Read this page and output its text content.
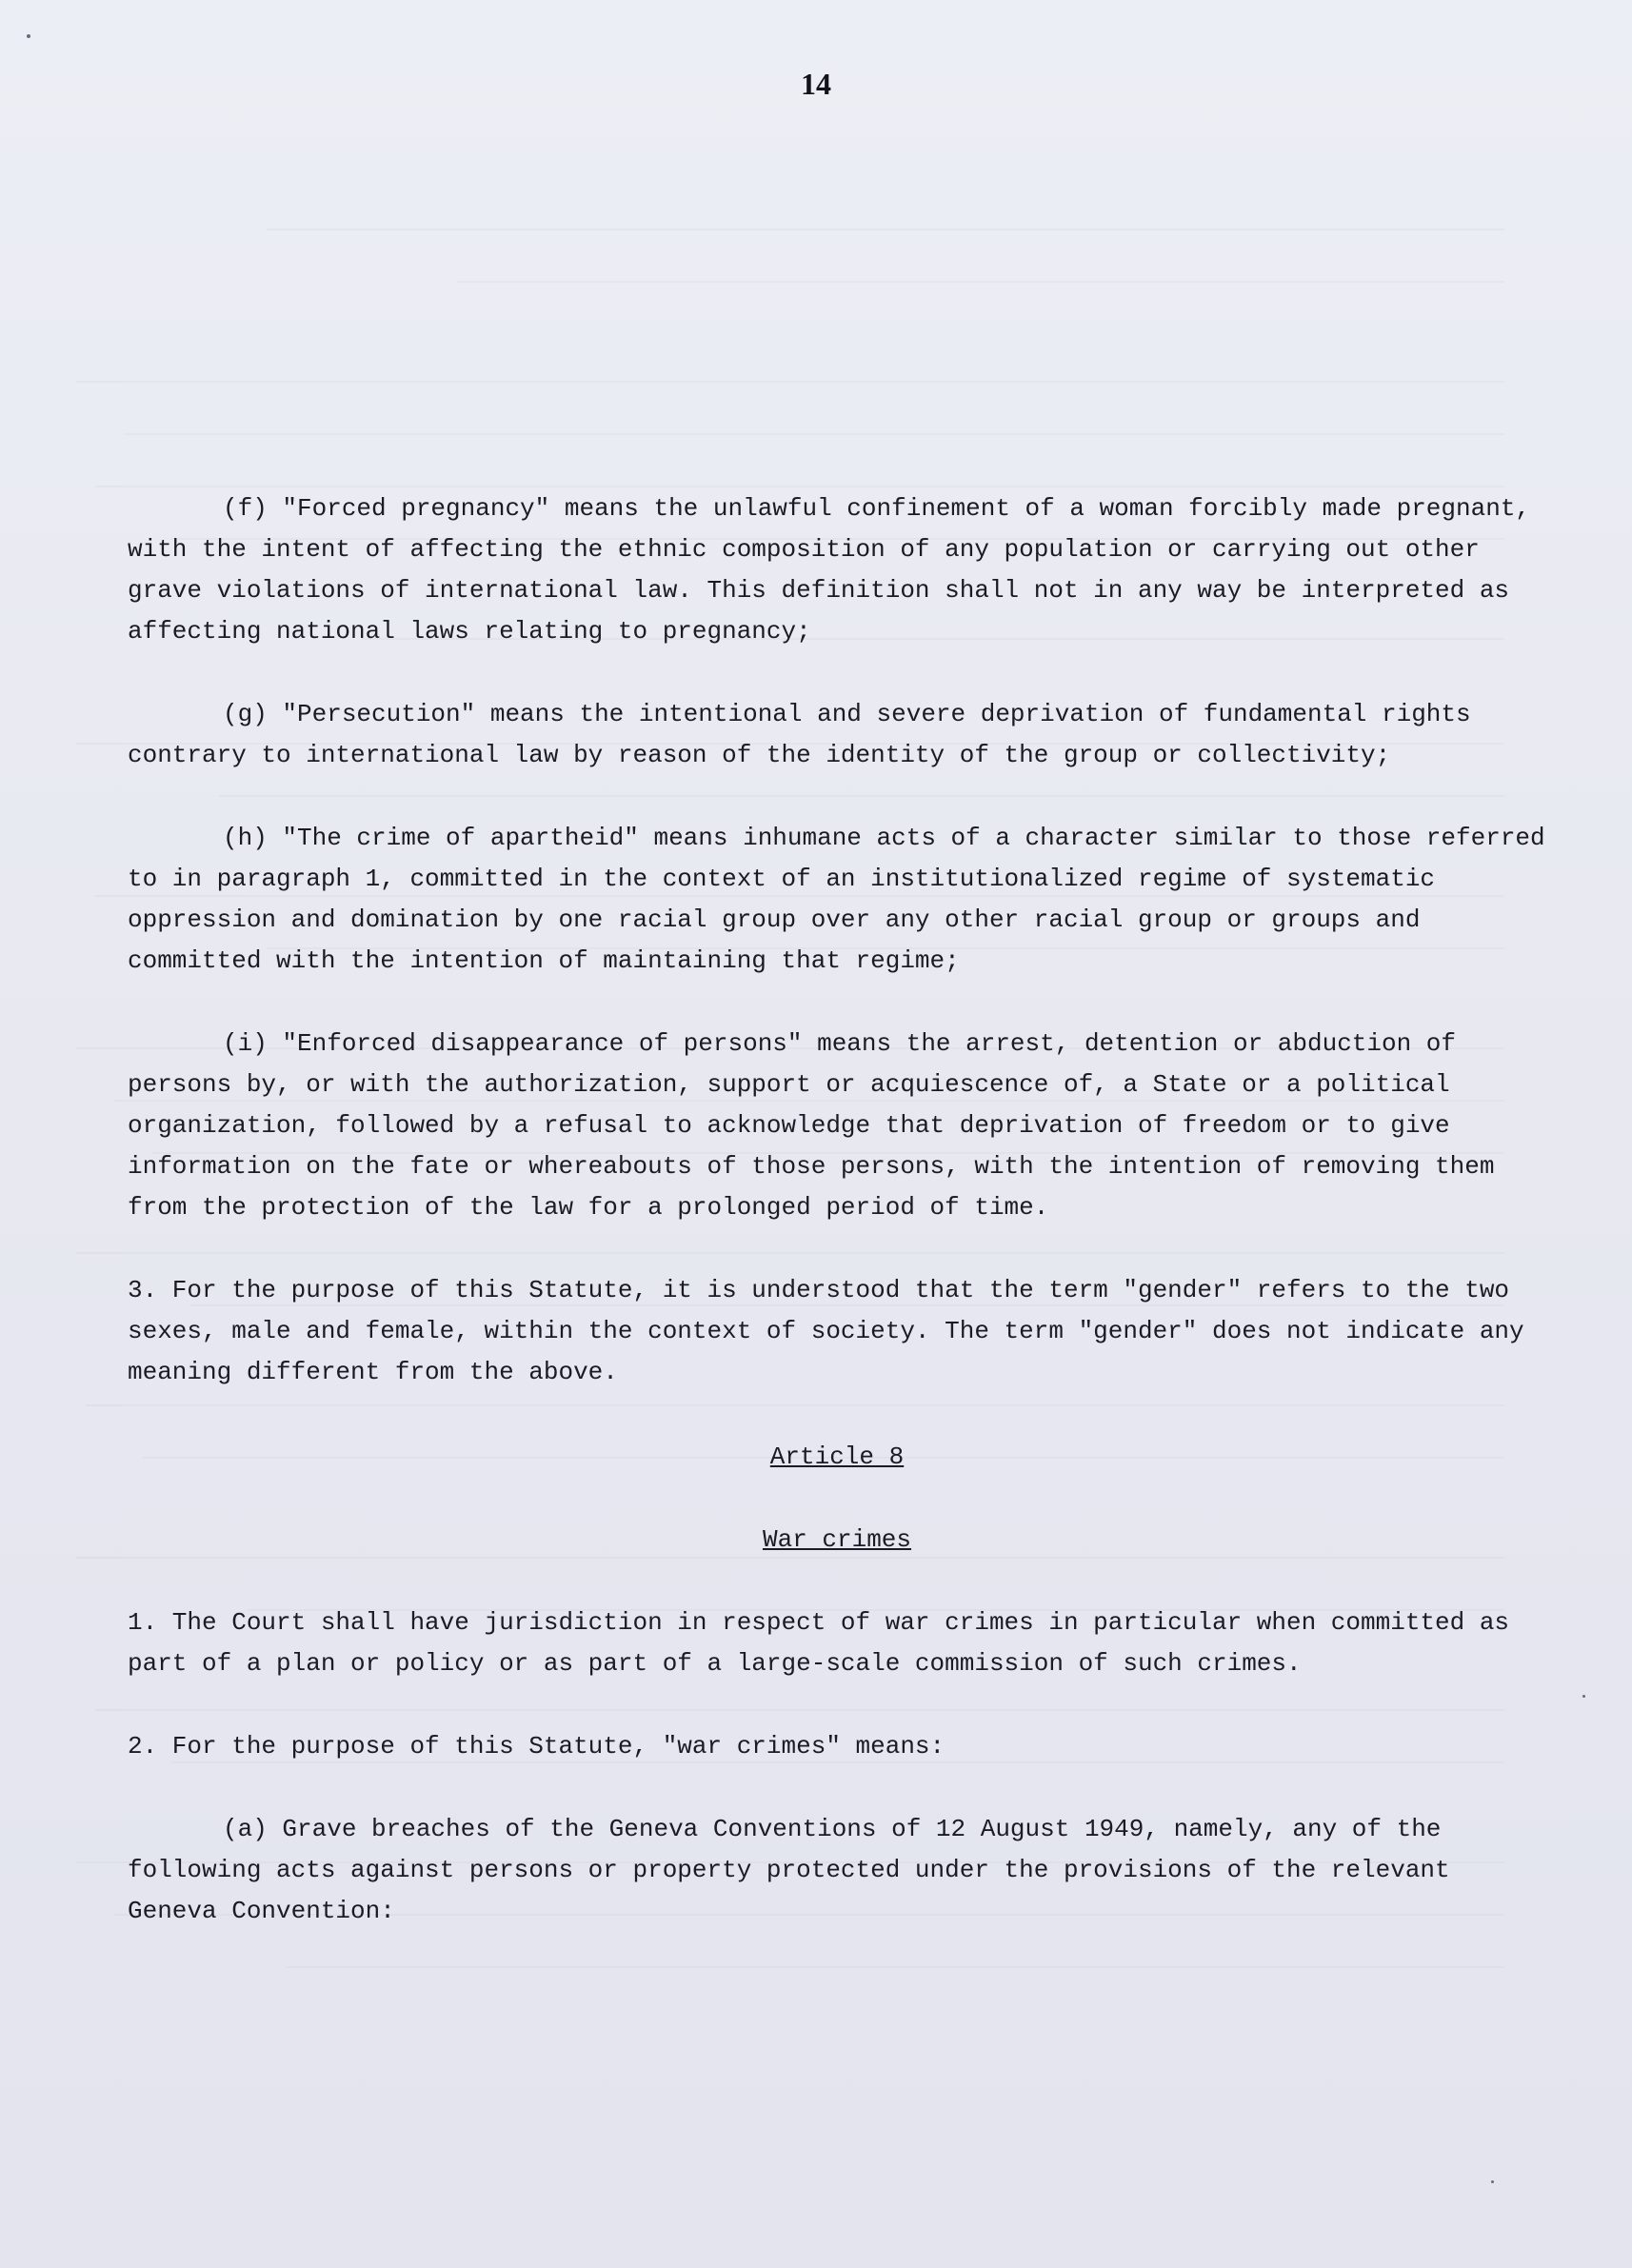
14

(f) "Forced pregnancy" means the unlawful confinement of a woman forcibly made pregnant, with the intent of affecting the ethnic composition of any population or carrying out other grave violations of international law. This definition shall not in any way be interpreted as affecting national laws relating to pregnancy;

(g) "Persecution" means the intentional and severe deprivation of fundamental rights contrary to international law by reason of the identity of the group or collectivity;

(h) "The crime of apartheid" means inhumane acts of a character similar to those referred to in paragraph 1, committed in the context of an institutionalized regime of systematic oppression and domination by one racial group over any other racial group or groups and committed with the intention of maintaining that regime;

(i) "Enforced disappearance of persons" means the arrest, detention or abduction of persons by, or with the authorization, support or acquiescence of, a State or a political organization, followed by a refusal to acknowledge that deprivation of freedom or to give information on the fate or whereabouts of those persons, with the intention of removing them from the protection of the law for a prolonged period of time.

3. For the purpose of this Statute, it is understood that the term "gender" refers to the two sexes, male and female, within the context of society. The term "gender" does not indicate any meaning different from the above.

Article 8

War crimes

1. The Court shall have jurisdiction in respect of war crimes in particular when committed as part of a plan or policy or as part of a large-scale commission of such crimes.

2. For the purpose of this Statute, "war crimes" means:

(a) Grave breaches of the Geneva Conventions of 12 August 1949, namely, any of the following acts against persons or property protected under the provisions of the relevant Geneva Convention:
